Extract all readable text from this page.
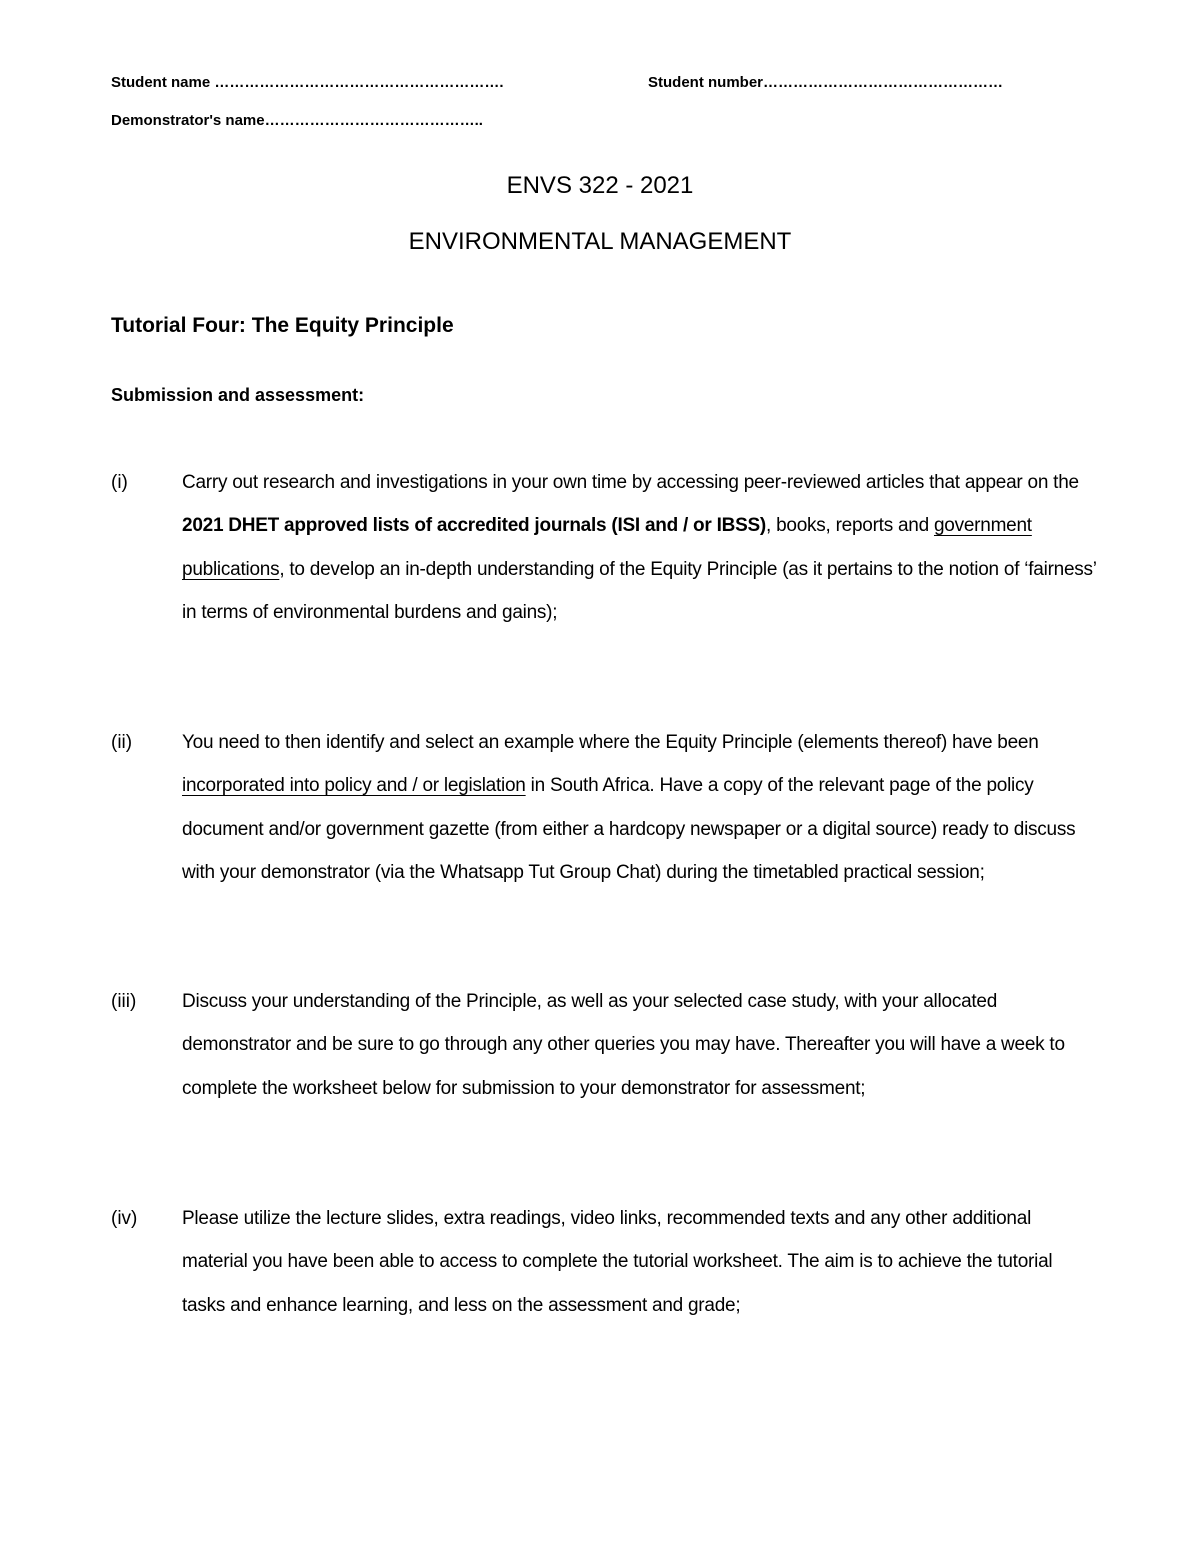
Student name ………………………………………………….	Student number…………………………………………
Demonstrator's name……………………………………..
ENVS 322 - 2021
ENVIRONMENTAL MANAGEMENT
Tutorial Four: The Equity Principle
Submission and assessment:
(i)	Carry out research and investigations in your own time by accessing peer-reviewed articles that appear on the 2021 DHET approved lists of accredited journals (ISI and / or IBSS), books, reports and government publications, to develop an in-depth understanding of the Equity Principle (as it pertains to the notion of ‘fairness’ in terms of environmental burdens and gains);
(ii)	You need to then identify and select an example where the Equity Principle (elements thereof) have been incorporated into policy and / or legislation in South Africa. Have a copy of the relevant page of the policy document and/or government gazette (from either a hardcopy newspaper or a digital source) ready to discuss with your demonstrator (via the Whatsapp Tut Group Chat) during the timetabled practical session;
(iii) Discuss your understanding of the Principle, as well as your selected case study, with your allocated demonstrator and be sure to go through any other queries you may have. Thereafter you will have a week to complete the worksheet below for submission to your demonstrator for assessment;
(iv) Please utilize the lecture slides, extra readings, video links, recommended texts and any other additional material you have been able to access to complete the tutorial worksheet. The aim is to achieve the tutorial tasks and enhance learning, and less on the assessment and grade;
